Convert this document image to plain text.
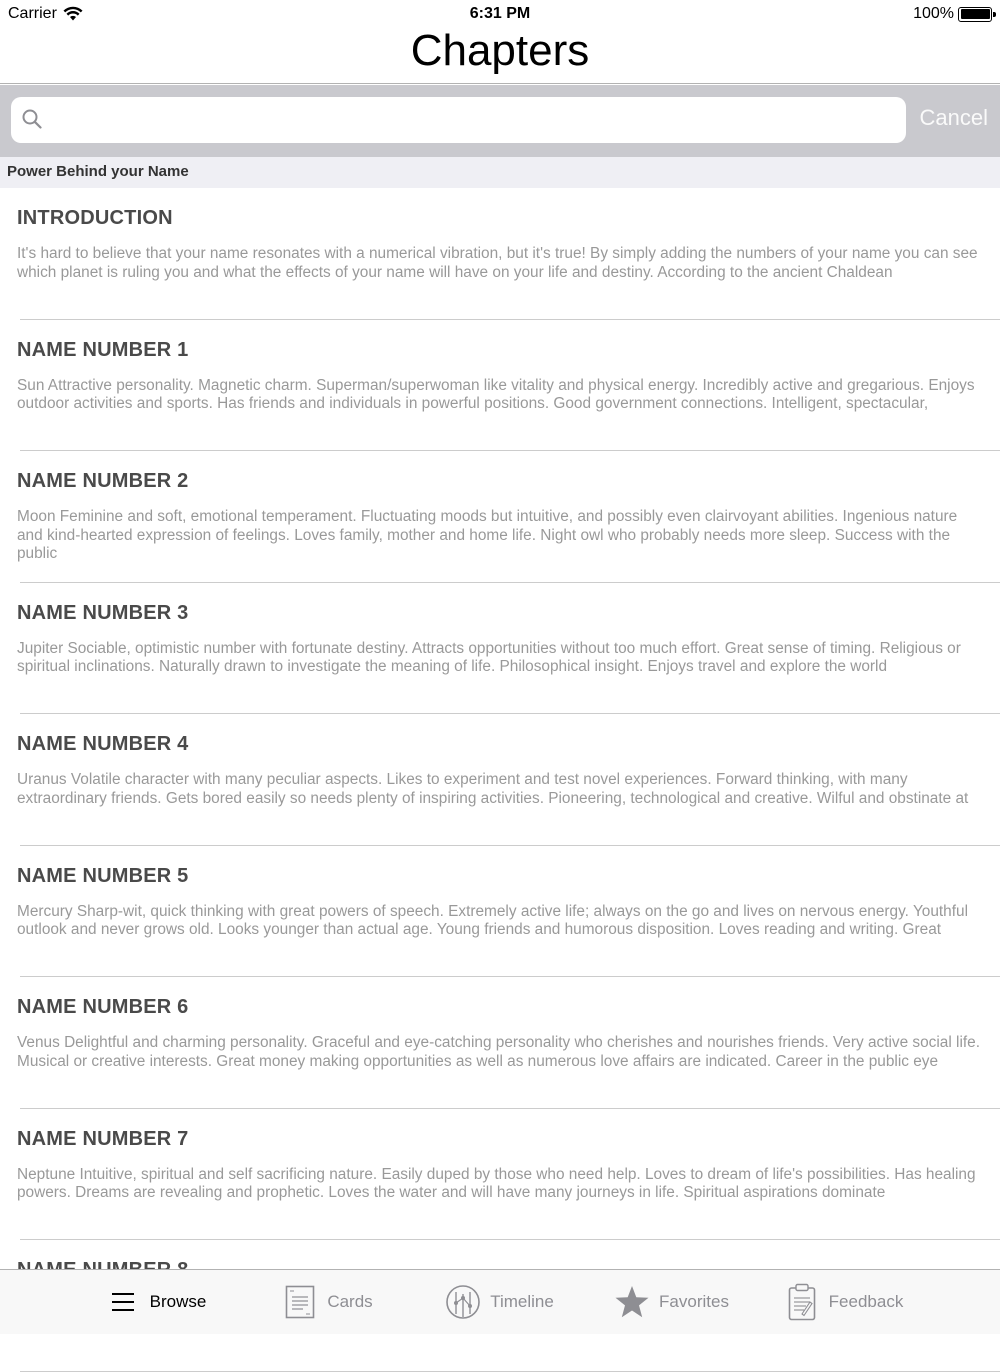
Carrier	6:31 PM	100%
Chapters
Cancel
Power Behind your Name
INTRODUCTION
It's hard to believe that your name resonates with a numerical vibration, but it's true! By simply adding the numbers of your name you can see which planet is ruling you and what the effects of your name will have on your life and destiny. According to the ancient Chaldean
NAME NUMBER 1
Sun Attractive personality. Magnetic charm. Superman/superwoman like vitality and physical energy. Incredibly active and gregarious. Enjoys outdoor activities and sports. Has friends and individuals in powerful positions. Good government connections. Intelligent, spectacular,
NAME NUMBER 2
Moon Feminine and soft, emotional temperament. Fluctuating moods but intuitive, and possibly even clairvoyant abilities. Ingenious nature and kind-hearted expression of feelings. Loves family, mother and home life. Night owl who probably needs more sleep. Success with the public
NAME NUMBER 3
Jupiter Sociable, optimistic number with fortunate destiny. Attracts opportunities without too much effort. Great sense of timing. Religious or spiritual inclinations. Naturally drawn to investigate the meaning of life. Philosophical insight. Enjoys travel and explore the world
NAME NUMBER 4
Uranus Volatile character with many peculiar aspects. Likes to experiment and test novel experiences. Forward thinking, with many extraordinary friends. Gets bored easily so needs plenty of inspiring activities. Pioneering, technological and creative. Wilful and obstinate at
NAME NUMBER 5
Mercury Sharp-wit, quick thinking with great powers of speech. Extremely active life; always on the go and lives on nervous energy. Youthful outlook and never grows old. Looks younger than actual age. Young friends and humorous disposition. Loves reading and writing. Great
NAME NUMBER 6
Venus Delightful and charming personality. Graceful and eye-catching personality who cherishes and nourishes friends. Very active social life. Musical or creative interests. Great money making opportunities as well as numerous love affairs are indicated. Career in the public eye
NAME NUMBER 7
Neptune Intuitive, spiritual and self sacrificing nature. Easily duped by those who need help. Loves to dream of life's possibilities. Has healing powers. Dreams are revealing and prophetic. Loves the water and will have many journeys in life. Spiritual aspirations dominate
Browse	Cards	Timeline	Favorites	Feedback
